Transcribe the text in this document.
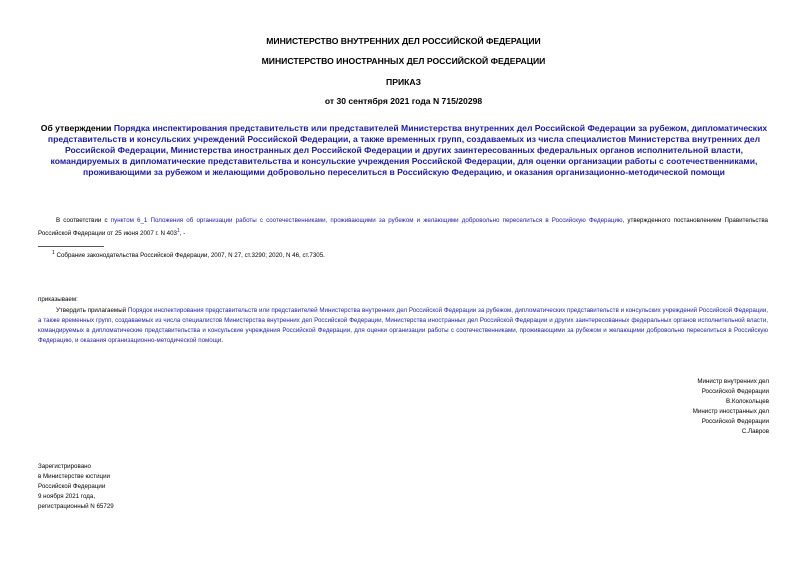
МИНИСТЕРСТВО ВНУТРЕННИХ ДЕЛ РОССИЙСКОЙ ФЕДЕРАЦИИ
МИНИСТЕРСТВО ИНОСТРАННЫХ ДЕЛ РОССИЙСКОЙ ФЕДЕРАЦИИ
ПРИКАЗ
от 30 сентября 2021 года N 715/20298
Об утверждении Порядка инспектирования представительств или представителей Министерства внутренних дел Российской Федерации за рубежом, дипломатических представительств и консульских учреждений Российской Федерации, а также временных групп, создаваемых из числа специалистов Министерства внутренних дел Российской Федерации, Министерства иностранных дел Российской Федерации и других заинтересованных федеральных органов исполнительной власти, командируемых в дипломатические представительства и консульские учреждения Российской Федерации, для оценки организации работы с соотечественниками, проживающими за рубежом и желающими добровольно переселиться в Российскую Федерацию, и оказания организационно-методической помощи
В соответствии с пунктом 6_1 Положения об организации работы с соотечественниками, проживающими за рубежом и желающими добровольно переселиться в Российскую Федерацию, утвержденного постановлением Правительства Российской Федерации от 25 июня 2007 г. N $403^1$, -
$^1$ Собрание законодательства Российской Федерации, 2007, N 27, ст.3290; 2020, N 46, ст.7305.
приказываем:
Утвердить прилагаемый Порядок инспектирования представительств или представителей Министерства внутренних дел Российской Федерации за рубежом, дипломатических представительств и консульских учреждений Российской Федерации, а также временных групп, создаваемых из числа специалистов Министерства внутренних дел Российской Федерации, Министерства иностранных дел Российской Федерации и других заинтересованных федеральных органов исполнительной власти, командируемых в дипломатические представительства и консульские учреждения Российской Федерации, для оценки организации работы с соотечественниками, проживающими за рубежом и желающими добровольно переселиться в Российскую Федерацию, и оказания организационно-методической помощи.
Министр внутренних дел
Российской Федерации
В.Колокольцев
Министр иностранных дел
Российской Федерации
С.Лавров
Зарегистрировано
в Министерстве юстиции
Российской Федерации
9 ноября 2021 года,
регистрационный N 65729
